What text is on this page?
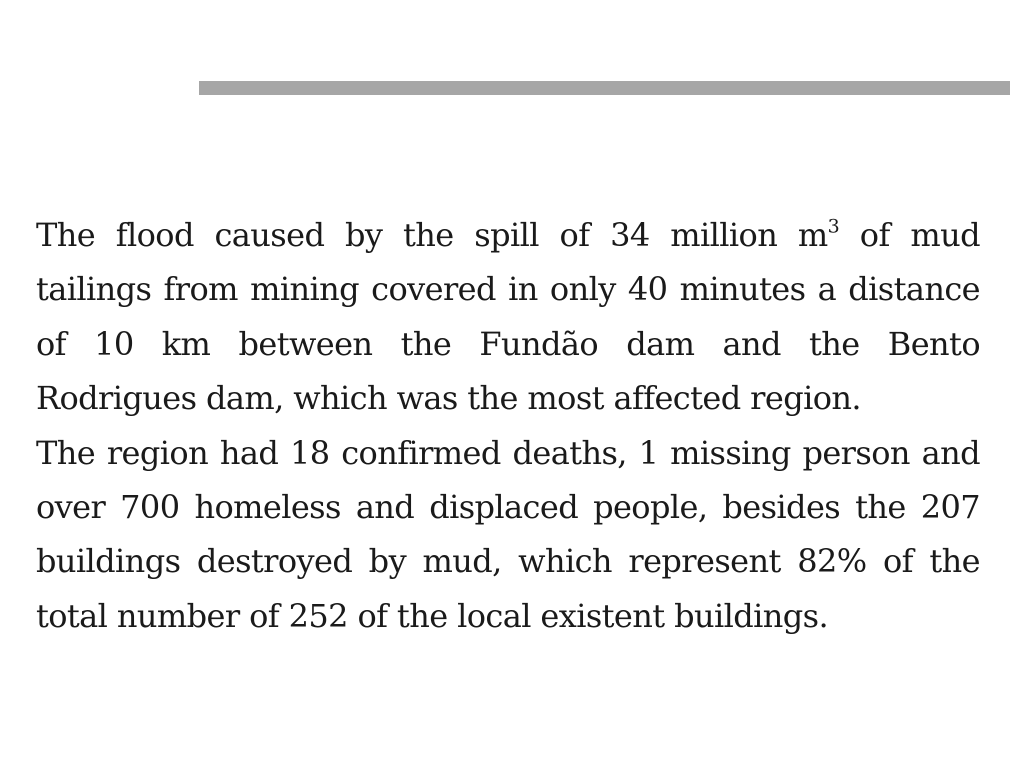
The flood caused by the spill of 34 million $m^3$ of mud tailings from mining covered in only 40 minutes a distance of 10 km between the Fundão dam and the Bento Rodrigues dam, which was the most affected region.

The region had 18 confirmed deaths, 1 missing person and over 700 homeless and displaced people, besides the 207 buildings destroyed by mud, which represent 82% of the total number of 252 of the local existent buildings.
